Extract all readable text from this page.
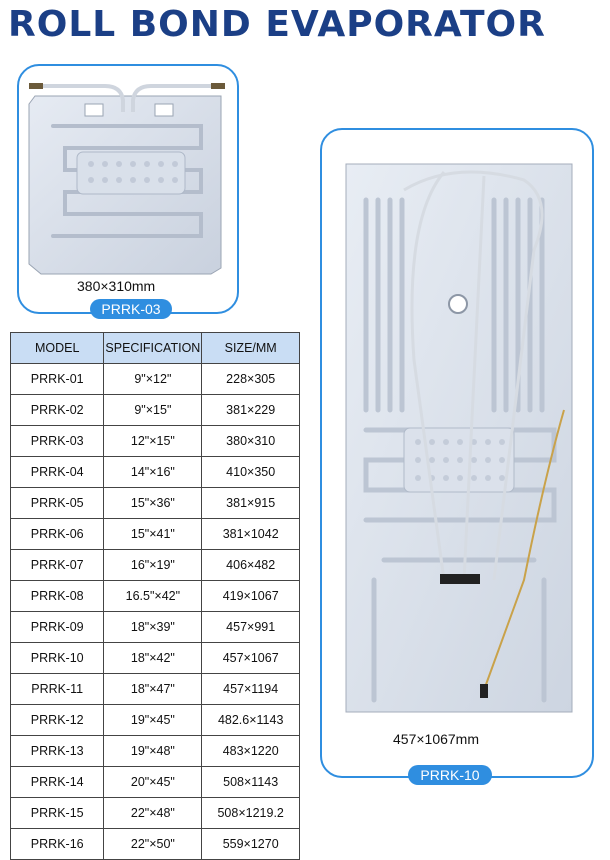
ROLL BOND EVAPORATOR
380×310mm
PRRK-03
457×1067mm
PRRK-10
MODEL	SPECIFICATION	SIZE/MM
PRRK-01	9"×12"	228×305
PRRK-02	9"×15"	381×229
PRRK-03	12"×15"	380×310
PRRK-04	14"×16"	410×350
PRRK-05	15"×36"	381×915
PRRK-06	15"×41"	381×1042
PRRK-07	16"×19"	406×482
PRRK-08	16.5"×42"	419×1067
PRRK-09	18"×39"	457×991
PRRK-10	18"×42"	457×1067
PRRK-11	18"×47"	457×1194
PRRK-12	19"×45"	482.6×1143
PRRK-13	19"×48"	483×1220
PRRK-14	20"×45"	508×1143
PRRK-15	22"×48"	508×1219.2
PRRK-16	22"×50"	559×1270
